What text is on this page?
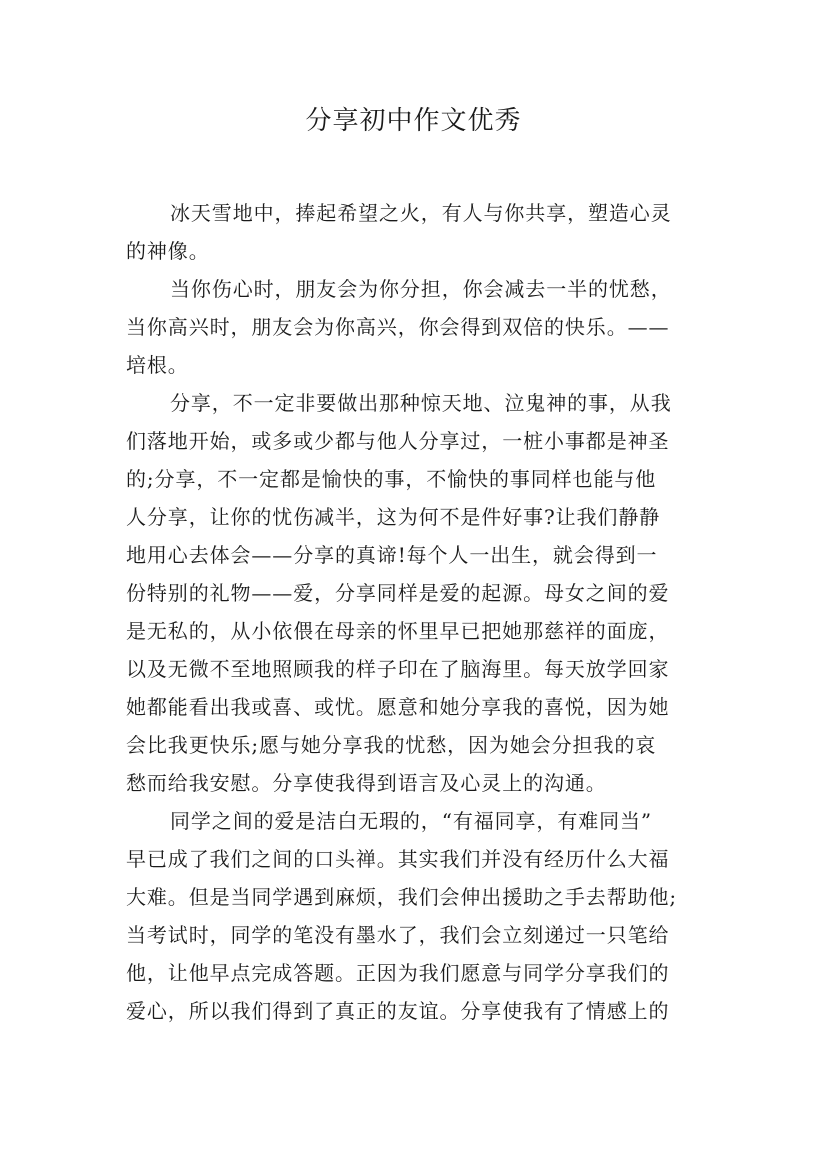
分享初中作文优秀
冰天雪地中，捧起希望之火，有人与你共享，塑造心灵
的神像。
当你伤心时，朋友会为你分担，你会减去一半的忧愁，
当你高兴时，朋友会为你高兴，你会得到双倍的快乐。——
培根。
分享，不一定非要做出那种惊天地、泣鬼神的事，从我
们落地开始，或多或少都与他人分享过，一桩小事都是神圣
的;分享，不一定都是愉快的事，不愉快的事同样也能与他
人分享，让你的忧伤减半，这为何不是件好事?让我们静静
地用心去体会——分享的真谛!每个人一出生，就会得到一
份特别的礼物——爱，分享同样是爱的起源。母女之间的爱
是无私的，从小依偎在母亲的怀里早已把她那慈祥的面庞，
以及无微不至地照顾我的样子印在了脑海里。每天放学回家
她都能看出我或喜、或忧。愿意和她分享我的喜悦，因为她
会比我更快乐;愿与她分享我的忧愁，因为她会分担我的哀
愁而给我安慰。分享使我得到语言及心灵上的沟通。
同学之间的爱是洁白无瑕的，“有福同享，有难同当”
早已成了我们之间的口头禅。其实我们并没有经历什么大福
大难。但是当同学遇到麻烦，我们会伸出援助之手去帮助他;
当考试时，同学的笔没有墨水了，我们会立刻递过一只笔给
他，让他早点完成答题。正因为我们愿意与同学分享我们的
爱心，所以我们得到了真正的友谊。分享使我有了情感上的
